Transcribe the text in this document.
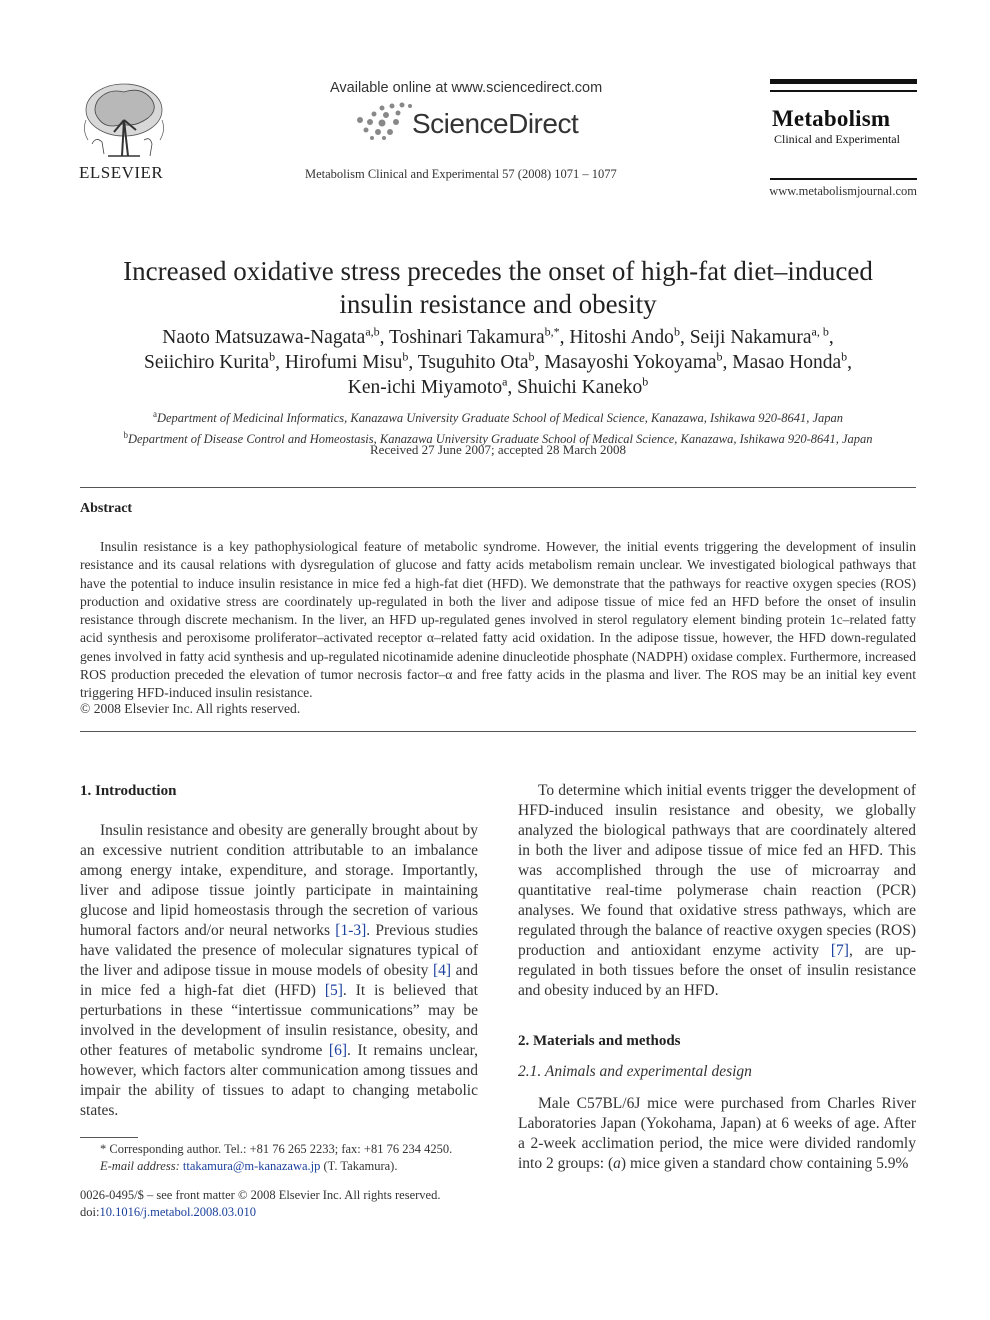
ELSEVIER
Available online at www.sciencedirect.com
ScienceDirect
Metabolism Clinical and Experimental 57 (2008) 1071 – 1077
Metabolism
Clinical and Experimental
www.metabolismjournal.com
Increased oxidative stress precedes the onset of high-fat diet–induced
insulin resistance and obesity
Naoto Matsuzawa-Nagata$^{a,b}$, Toshinari Takamura$^{b,*}$, Hitoshi Ando$^b$, Seiji Nakamura$^{a, b}$,
Seiichiro Kurita$^b$, Hirofumi Misu$^b$, Tsuguhito Ota$^b$, Masayoshi Yokoyama$^b$, Masao Honda$^b$,
Ken-ichi Miyamoto$^a$, Shuichi Kaneko$^b$
$^a$Department of Medicinal Informatics, Kanazawa University Graduate School of Medical Science, Kanazawa, Ishikawa 920-8641, Japan
$^b$Department of Disease Control and Homeostasis, Kanazawa University Graduate School of Medical Science, Kanazawa, Ishikawa 920-8641, Japan
Received 27 June 2007; accepted 28 March 2008
Abstract

Insulin resistance is a key pathophysiological feature of metabolic syndrome. However, the initial events triggering the development of insulin resistance and its causal relations with dysregulation of glucose and fatty acids metabolism remain unclear. We investigated biological pathways that have the potential to induce insulin resistance in mice fed a high-fat diet (HFD). We demonstrate that the pathways for reactive oxygen species (ROS) production and oxidative stress are coordinately up-regulated in both the liver and adipose tissue of mice fed an HFD before the onset of insulin resistance through discrete mechanism. In the liver, an HFD up-regulated genes involved in sterol regulatory element binding protein 1c–related fatty acid synthesis and peroxisome proliferator–activated receptor α–related fatty acid oxidation. In the adipose tissue, however, the HFD down-regulated genes involved in fatty acid synthesis and up-regulated nicotinamide adenine dinucleotide phosphate (NADPH) oxidase complex. Furthermore, increased ROS production preceded the elevation of tumor necrosis factor–α and free fatty acids in the plasma and liver. The ROS may be an initial key event triggering HFD-induced insulin resistance.

© 2008 Elsevier Inc. All rights reserved.
1. Introduction

Insulin resistance and obesity are generally brought about by an excessive nutrient condition attributable to an imbalance among energy intake, expenditure, and storage. Importantly, liver and adipose tissue jointly participate in maintaining glucose and lipid homeostasis through the secretion of various humoral factors and/or neural networks [1-3]. Previous studies have validated the presence of molecular signatures typical of the liver and adipose tissue in mouse models of obesity [4] and in mice fed a high-fat diet (HFD) [5]. It is believed that perturbations in these “intertissue communications” may be involved in the development of insulin resistance, obesity, and other features of metabolic syndrome [6]. It remains unclear, however, which factors alter communication among tissues and impair the ability of tissues to adapt to changing metabolic states.

* Corresponding author. Tel.: +81 76 265 2233; fax: +81 76 234 4250.
E-mail address: ttakamura@m-kanazawa.jp (T. Takamura).
0026-0495/$ – see front matter © 2008 Elsevier Inc. All rights reserved.
doi:10.1016/j.metabol.2008.03.010

To determine which initial events trigger the development of HFD-induced insulin resistance and obesity, we globally analyzed the biological pathways that are coordinately altered in both the liver and adipose tissue of mice fed an HFD. This was accomplished through the use of microarray and quantitative real-time polymerase chain reaction (PCR) analyses. We found that oxidative stress pathways, which are regulated through the balance of reactive oxygen species (ROS) production and antioxidant enzyme activity [7], are up-regulated in both tissues before the onset of insulin resistance and obesity induced by an HFD.

2. Materials and methods
2.1. Animals and experimental design

Male C57BL/6J mice were purchased from Charles River Laboratories Japan (Yokohama, Japan) at 6 weeks of age. After a 2-week acclimation period, the mice were divided randomly into 2 groups: (a) mice given a standard chow containing 5.9%
